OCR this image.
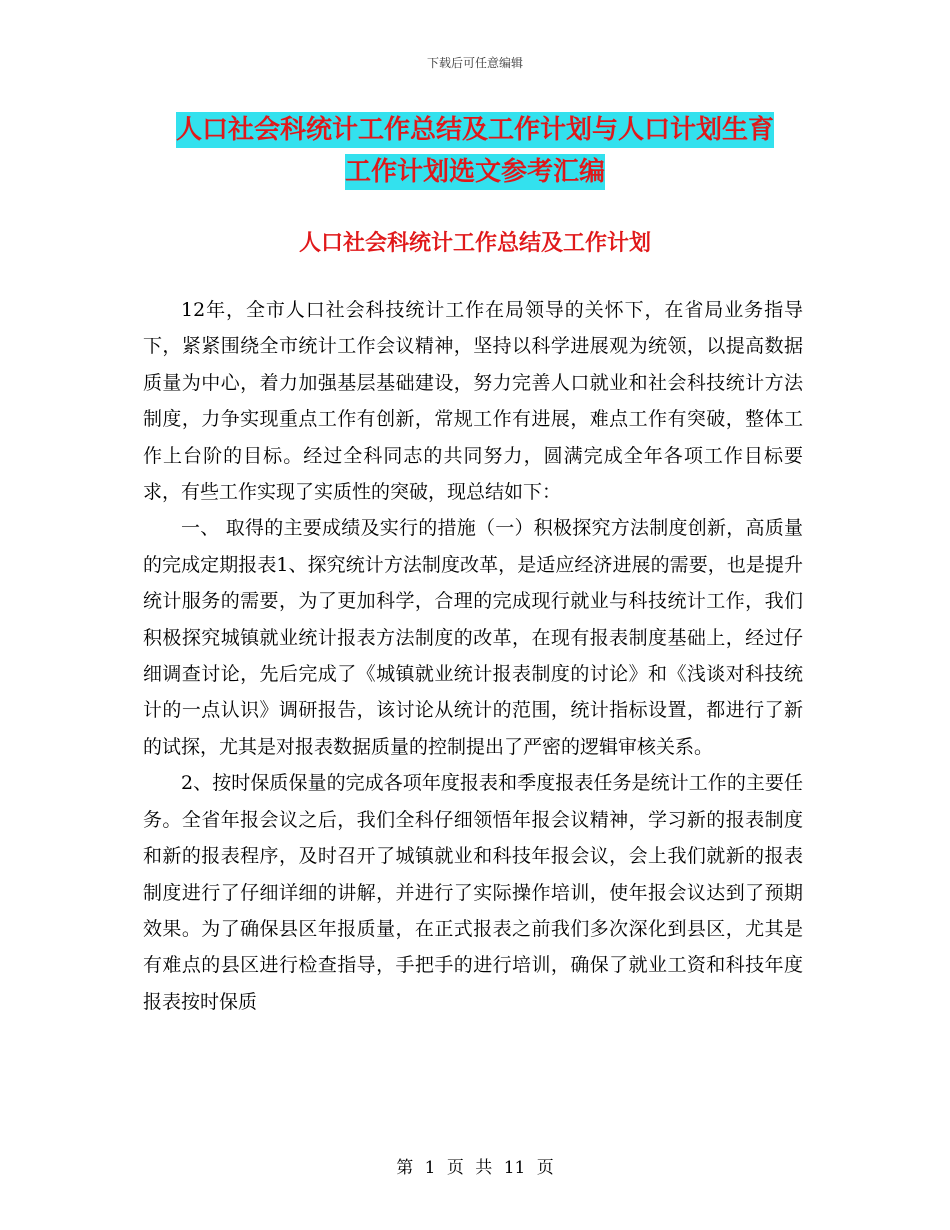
下载后可任意编辑
人口社会科统计工作总结及工作计划与人口计划生育
工作计划选文参考汇编
人口社会科统计工作总结及工作计划

12年，全市人口社会科技统计工作在局领导的关怀下，在省局业务指导下，紧紧围绕全市统计工作会议精神，坚持以科学进展观为统领，以提高数据质量为中心，着力加强基层基础建设，努力完善人口就业和社会科技统计方法制度，力争实现重点工作有创新，常规工作有进展，难点工作有突破，整体工作上台阶的目标。经过全科同志的共同努力，圆满完成全年各项工作目标要求，有些工作实现了实质性的突破，现总结如下：

一、 取得的主要成绩及实行的措施（一）积极探究方法制度创新，高质量的完成定期报表1、探究统计方法制度改革，是适应经济进展的需要，也是提升统计服务的需要，为了更加科学，合理的完成现行就业与科技统计工作，我们积极探究城镇就业统计报表方法制度的改革，在现有报表制度基础上，经过仔细调查讨论，先后完成了《城镇就业统计报表制度的讨论》和《浅谈对科技统计的一点认识》调研报告，该讨论从统计的范围，统计指标设置，都进行了新的试探，尤其是对报表数据质量的控制提出了严密的逻辑审核关系。

2、按时保质保量的完成各项年度报表和季度报表任务是统计工作的主要任务。全省年报会议之后，我们全科仔细领悟年报会议精神，学习新的报表制度和新的报表程序，及时召开了城镇就业和科技年报会议，会上我们就新的报表制度进行了仔细详细的讲解，并进行了实际操作培训，使年报会议达到了预期效果。为了确保县区年报质量，在正式报表之前我们多次深化到县区，尤其是有难点的县区进行检查指导，手把手的进行培训，确保了就业工资和科技年度报表按时保质

第 1 页 共 11 页
